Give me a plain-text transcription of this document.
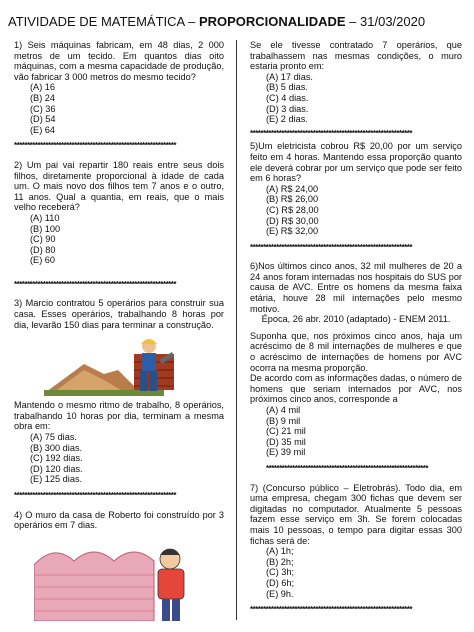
ATIVIDADE DE MATEMÁTICA – PROPORCIONALIDADE – 31/03/2020

1) Seis máquinas fabricam, em 48 dias, 2 000 metros de um tecido. Em quantos dias oito máquinas, com a mesma capacidade de produção, vão fabricar 3 000 metros do mesmo tecido?

(A) 16
(B) 24
(C) 36
(D) 54
(E) 64
**************************************************************

2) Um pai vai repartir 180 reais entre seus dois filhos, diretamente proporcional à idade de cada um. O mais novo dos filhos tem 7 anos e o outro, 11 anos. Qual a quantia, em reais, que o mais velho receberá?

(A) 110
(B) 100
(C) 90
(D) 80
(E) 60
**************************************************************

3) Marcio contratou 5 operários para construir sua casa. Esses operários, trabalhando 8 horas por dia, levarão 150 dias para terminar a construção.

Mantendo o mesmo ritmo de trabalho, 8 operários, trabalhando 10 horas por dia, terminam a mesma obra em:

(A) 75 dias.
(B) 300 dias.
(C) 192 dias.
(D) 120 dias.
(E) 125 dias.
**************************************************************

4) O muro da casa de Roberto foi construído por 3 operários em 7 dias.

Se ele tivesse contratado 7 operários, que trabalhassem nas mesmas condições, o muro estaria pronto em:

(A) 17 dias.
(B) 5 dias.
(C) 4 dias.
(D) 3 dias.
(E) 2 dias.
**************************************************************

5)Um eletricista cobrou R$ 20,00 por um serviço feito em 4 horas. Mantendo essa proporção quanto ele deverá cobrar por um serviço que pode ser feito em 6 horas?

(A) R$ 24,00
(B) R$ 26,00
(C) R$ 28,00
(D) R$ 30,00
(E) R$ 32,00
**************************************************************

6)Nos últimos cinco anos, 32 mil mulheres de 20 a 24 anos foram internadas nos hospitais do SUS por causa de AVC. Entre os homens da mesma faixa etária, houve 28 mil internações pelo mesmo motivo.

Época, 26 abr. 2010 (adaptado) - ENEM 2011.

Suponha que, nos próximos cinco anos, haja um acréscimo de 8 mil internações de mulheres e que o acréscimo de internações de homens por AVC ocorra na mesma proporção.

De acordo com as informações dadas, o número de homens que seriam internados por AVC, nos próximos cinco anos, corresponde a

(A) 4 mil
(B) 9 mil
(C) 21 mil
(D) 35 mil
(E) 39 mil
**************************************************************

7) (Concurso público – Eletrobrás). Todo dia, em uma empresa, chegam 300 fichas que devem ser digitadas no computador. Atualmente 5 pessoas fazem esse serviço em 3h. Se forem colocadas mais 10 pessoas, o tempo para digitar essas 300 fichas será de:

(A) 1h;
(B) 2h;
(C) 3h;
(D) 6h;
(E) 9h.
**************************************************************
